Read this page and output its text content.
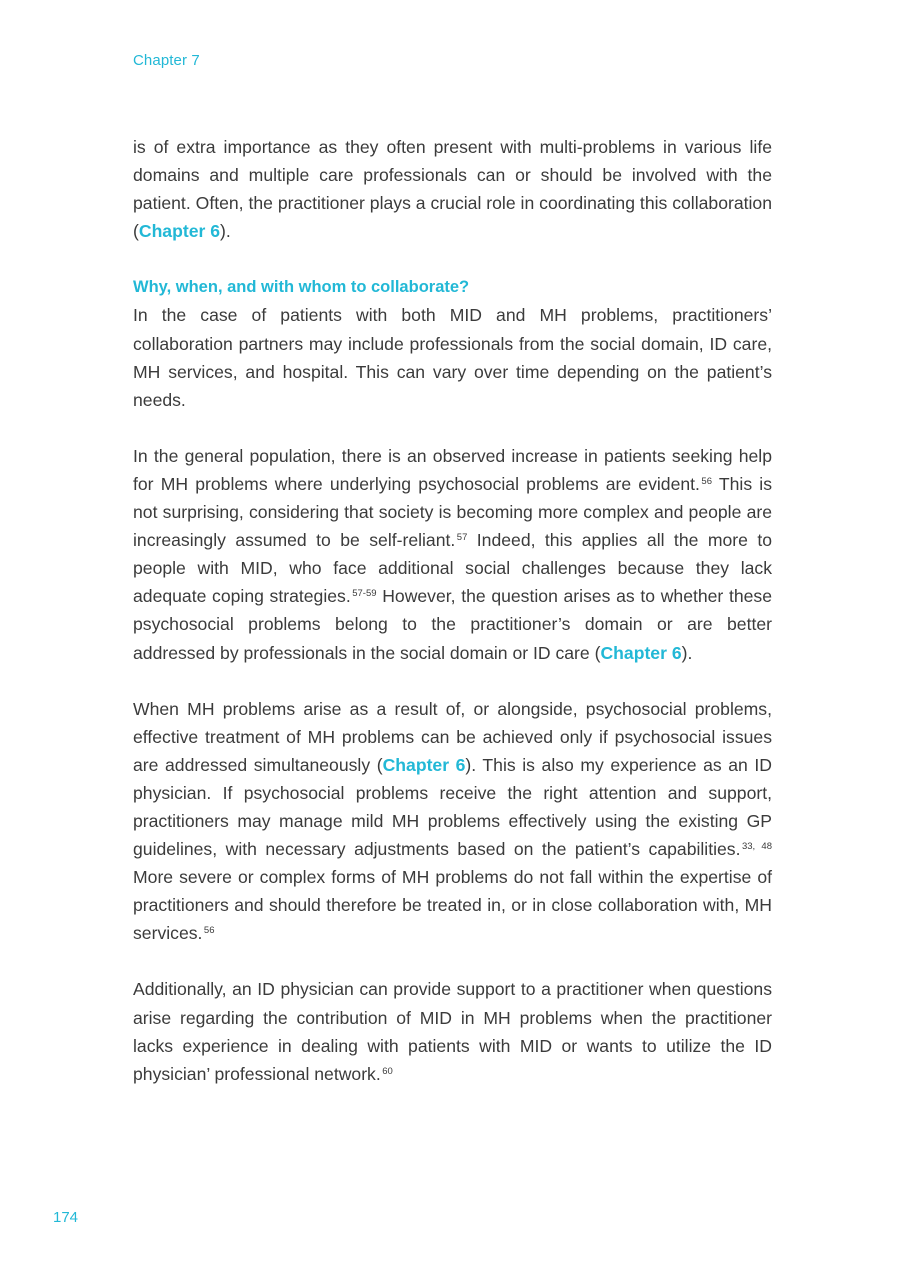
Chapter 7

is of extra importance as they often present with multi-problems in various life domains and multiple care professionals can or should be involved with the patient. Often, the practitioner plays a crucial role in coordinating this collaboration (Chapter 6).

Why, when, and with whom to collaborate?

In the case of patients with both MID and MH problems, practitioners’ collaboration partners may include professionals from the social domain, ID care, MH services, and hospital. This can vary over time depending on the patient’s needs.

In the general population, there is an observed increase in patients seeking help for MH problems where underlying psychosocial problems are evident. $^{56}$ This is not surprising, considering that society is becoming more complex and people are increasingly assumed to be self-reliant. $^{57}$ Indeed, this applies all the more to people with MID, who face additional social challenges because they lack adequate coping strategies. $^{57-59}$ However, the question arises as to whether these psychosocial problems belong to the practitioner’s domain or are better addressed by professionals in the social domain or ID care (Chapter 6).

When MH problems arise as a result of, or alongside, psychosocial problems, effective treatment of MH problems can be achieved only if psychosocial issues are addressed simultaneously (Chapter 6). This is also my experience as an ID physician. If psychosocial problems receive the right attention and support, practitioners may manage mild MH problems effectively using the existing GP guidelines, with necessary adjustments based on the patient’s capabilities. $^{33, 48}$ More severe or complex forms of MH problems do not fall within the expertise of practitioners and should therefore be treated in, or in close collaboration with, MH services. $^{56}$

Additionally, an ID physician can provide support to a practitioner when questions arise regarding the contribution of MID in MH problems when the practitioner lacks experience in dealing with patients with MID or wants to utilize the ID physician’ professional network. $^{60}$

174
